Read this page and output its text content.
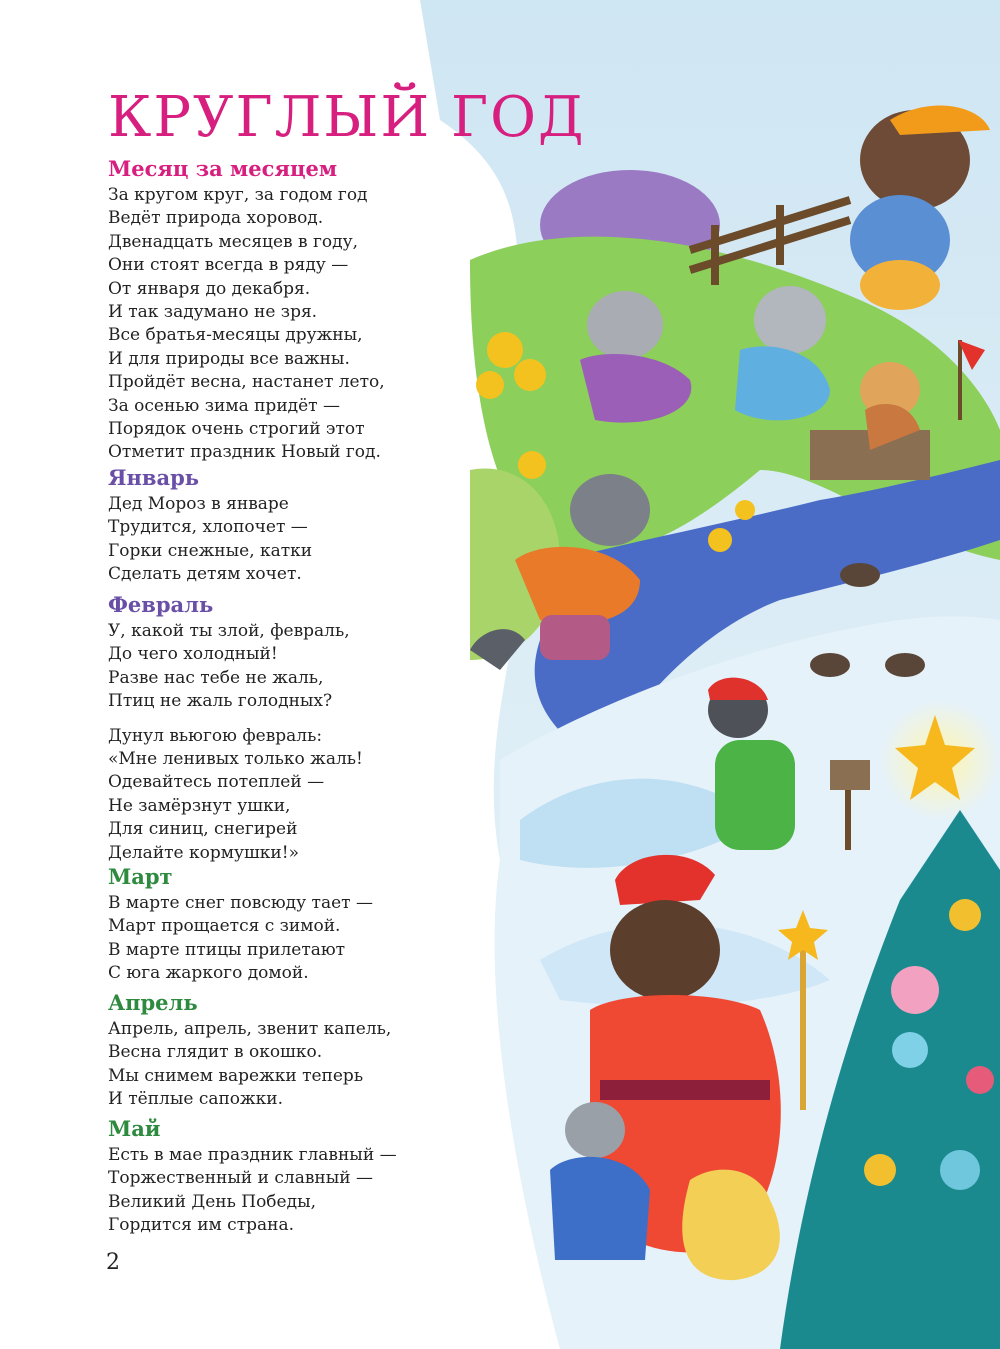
КРУГЛЫЙ ГОД
Месяц за месяцем
За кругом круг, за годом год
Ведёт природа хоровод.
Двенадцать месяцев в году,
Они стоят всегда в ряду —
От января до декабря.
И так задумано не зря.
Все братья-месяцы дружны,
И для природы все важны.
Пройдёт весна, настанет лето,
За осенью зима придёт —
Порядок очень строгий этот
Отметит праздник Новый год.
Январь
Дед Мороз в январе
Трудится, хлопочет —
Горки снежные, катки
Сделать детям хочет.
Февраль
У, какой ты злой, февраль,
До чего холодный!
Разве нас тебе не жаль,
Птиц не жаль голодных?
Дунул вьюгою февраль:
«Мне ленивых только жаль!
Одевайтесь потеплей —
Не замёрзнут ушки,
Для синиц, снегирей
Делайте кормушки!»
Март
В марте снег повсюду тает —
Март прощается с зимой.
В марте птицы прилетают
С юга жаркого домой.
Апрель
Апрель, апрель, звенит капель,
Весна глядит в окошко.
Мы снимем варежки теперь
И тёплые сапожки.
Май
Есть в мае праздник главный —
Торжественный и славный —
Великий День Победы,
Гордится им страна.
2
